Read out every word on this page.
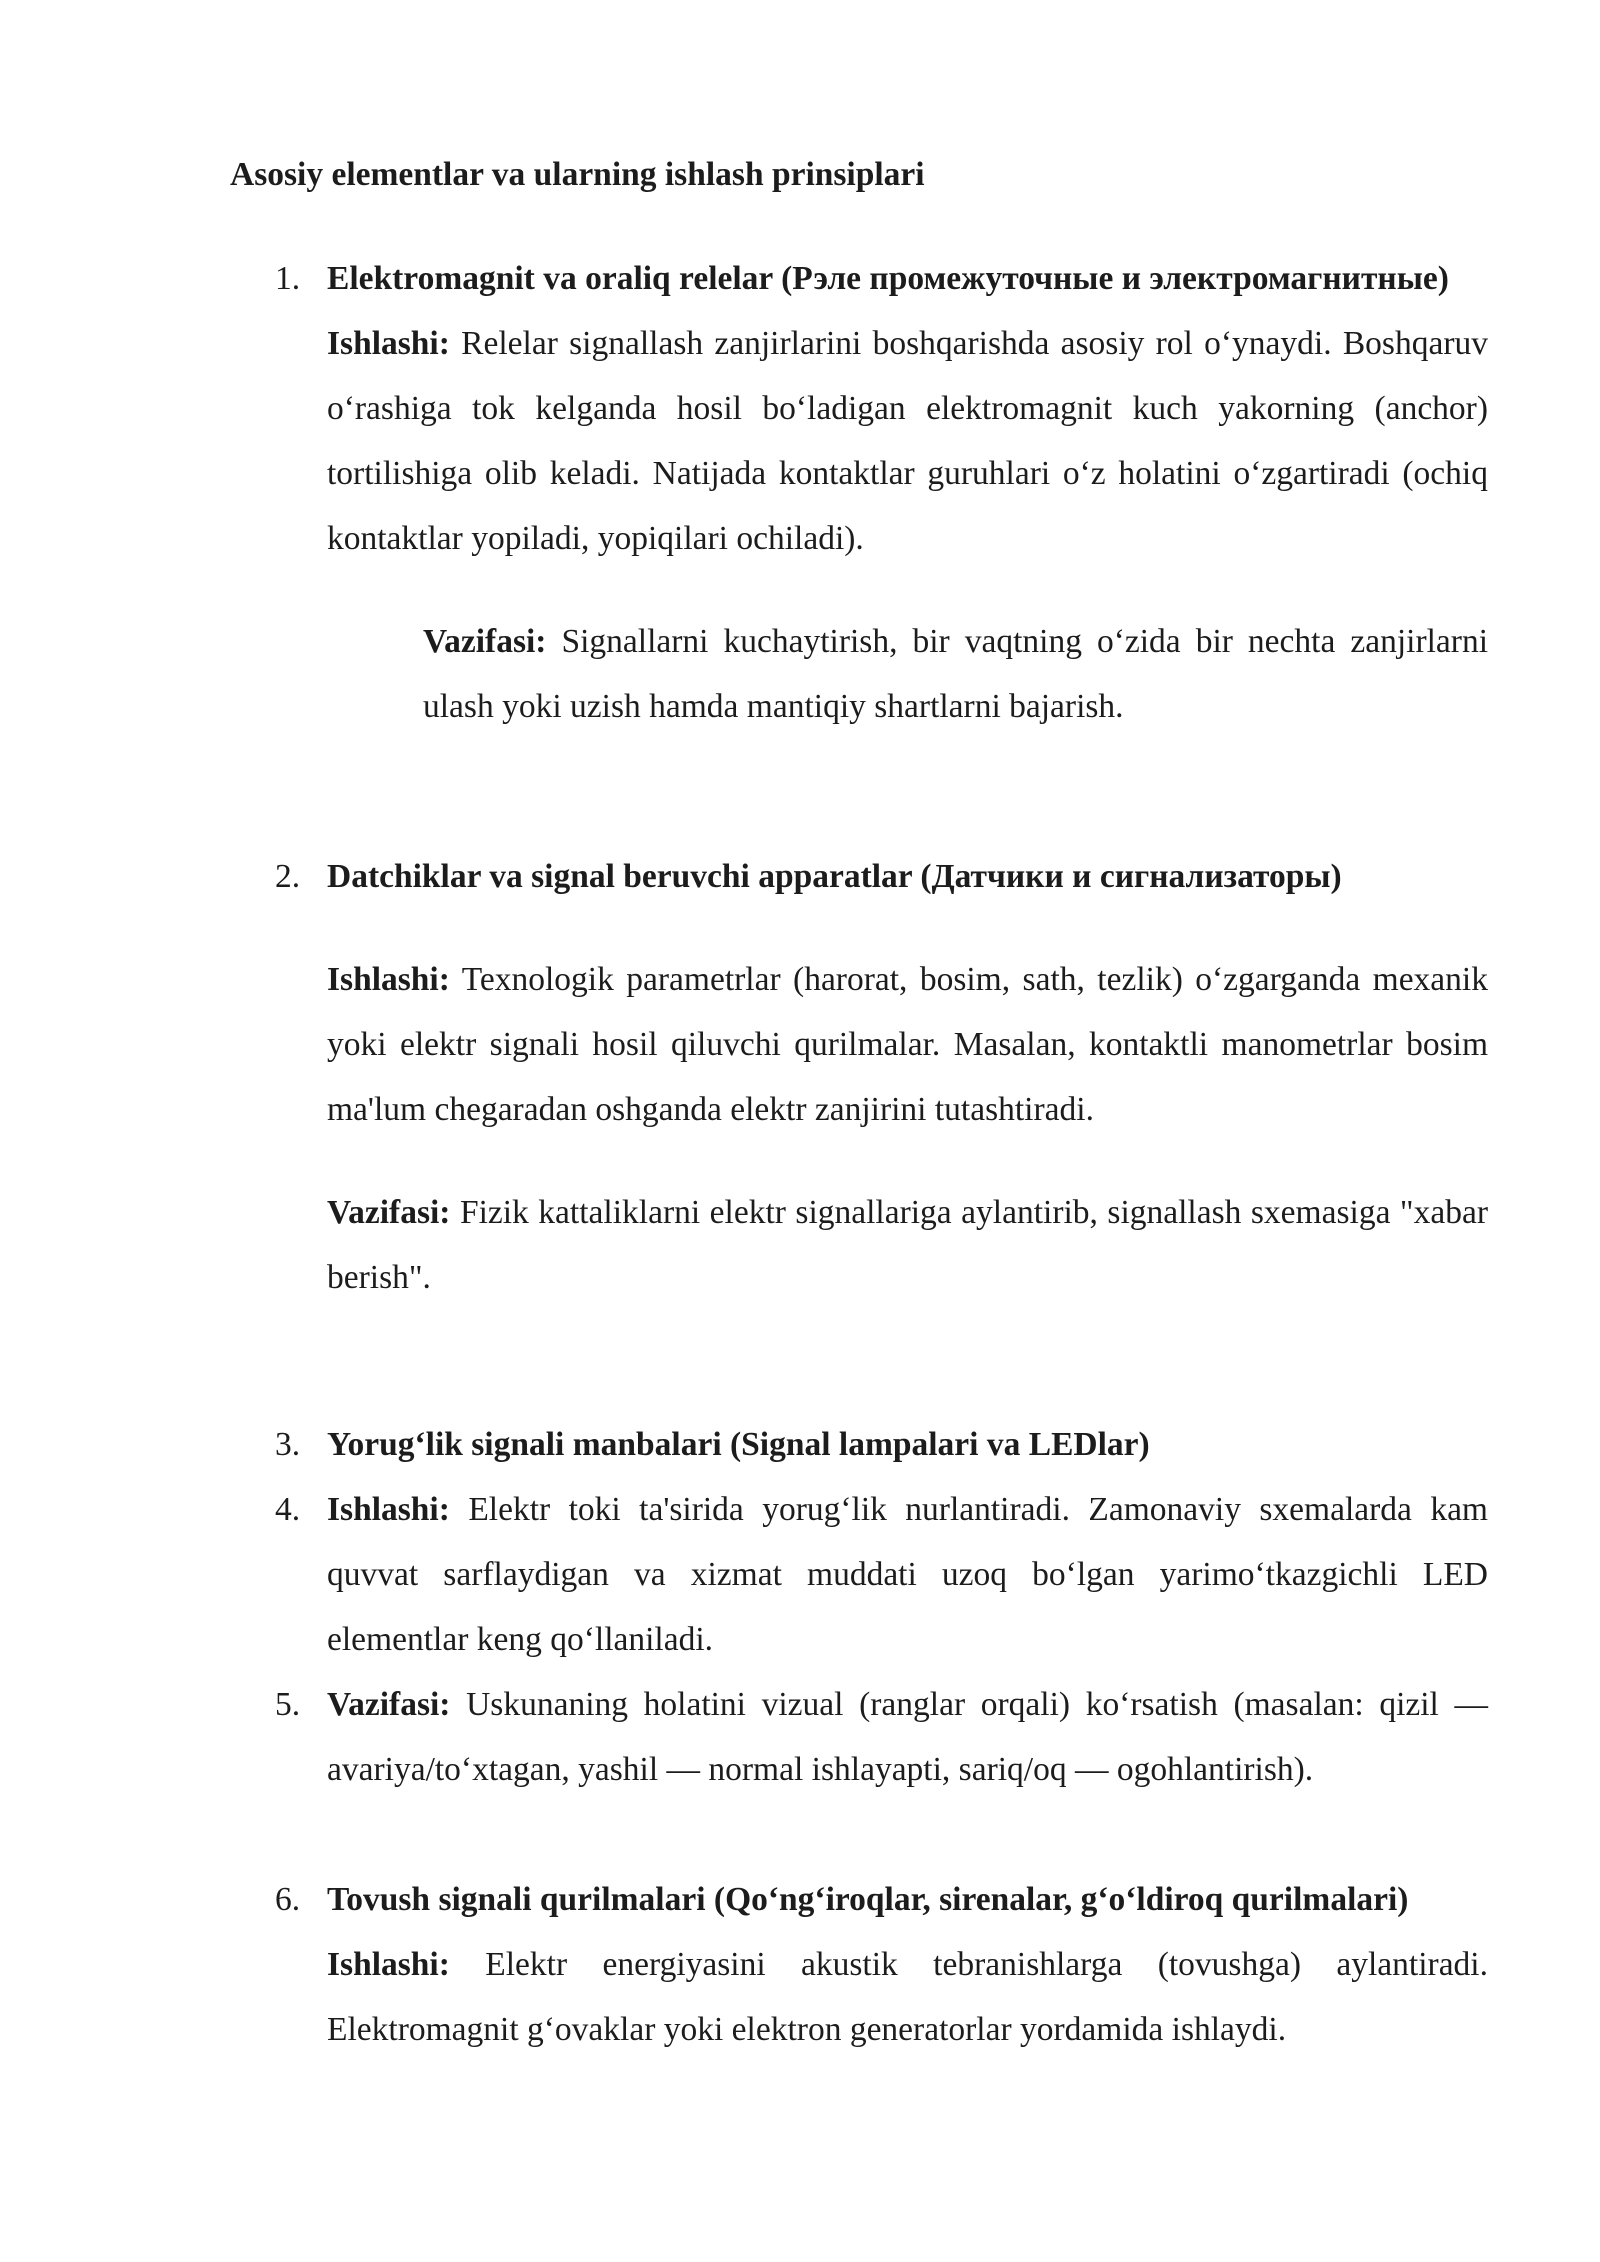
Asosiy elementlar va ularning ishlash prinsiplari
1. Elektromagnit va oraliq relelar (Рэле промежуточные и электромагнитные)

Ishlashi: Relelar signallash zanjirlarini boshqarishda asosiy rol o‘ynaydi. Boshqaruv o‘rashiga tok kelganda hosil bo‘ladigan elektromagnit kuch yakorning (anchor) tortilishiga olib keladi. Natijada kontaktlar guruhlari o‘z holatini o‘zgartiradi (ochiq kontaktlar yopiladi, yopiqilari ochiladi).

Vazifasi: Signallarni kuchaytirish, bir vaqtning o‘zida bir nechta zanjirlarni ulash yoki uzish hamda mantiqiy shartlarni bajarish.

2. Datchiklar va signal beruvchi apparatlar (Датчики и сигнализаторы)

Ishlashi: Texnologik parametrlar (harorat, bosim, sath, tezlik) o‘zgarganda mexanik yoki elektr signali hosil qiluvchi qurilmalar. Masalan, kontaktli manometrlar bosim ma'lum chegaradan oshganda elektr zanjirini tutashtiradi.

Vazifasi: Fizik kattaliklarni elektr signallariga aylantirib, signallash sxemasiga "xabar berish".

3. Yorug‘lik signali manbalari (Signal lampalari va LEDlar)

4. Ishlashi: Elektr toki ta'sirida yorug‘lik nurlantiradi. Zamonaviy sxemalarda kam quvvat sarflaydigan va xizmat muddati uzoq bo‘lgan yarimo‘tkazgichli LED elementlar keng qo‘llaniladi.

5. Vazifasi: Uskunaning holatini vizual (ranglar orqali) ko‘rsatish (masalan: qizil — avariya/to‘xtagan, yashil — normal ishlayapti, sariq/oq — ogohlantirish).

6. Tovush signali qurilmalari (Qo‘ng‘iroqlar, sirenalar, g‘o‘ldiroq qurilmalari)

Ishlashi: Elektr energiyasini akustik tebranishlarga (tovushga) aylantiradi. Elektromagnit g‘ovaklar yoki elektron generatorlar yordamida ishlaydi.
